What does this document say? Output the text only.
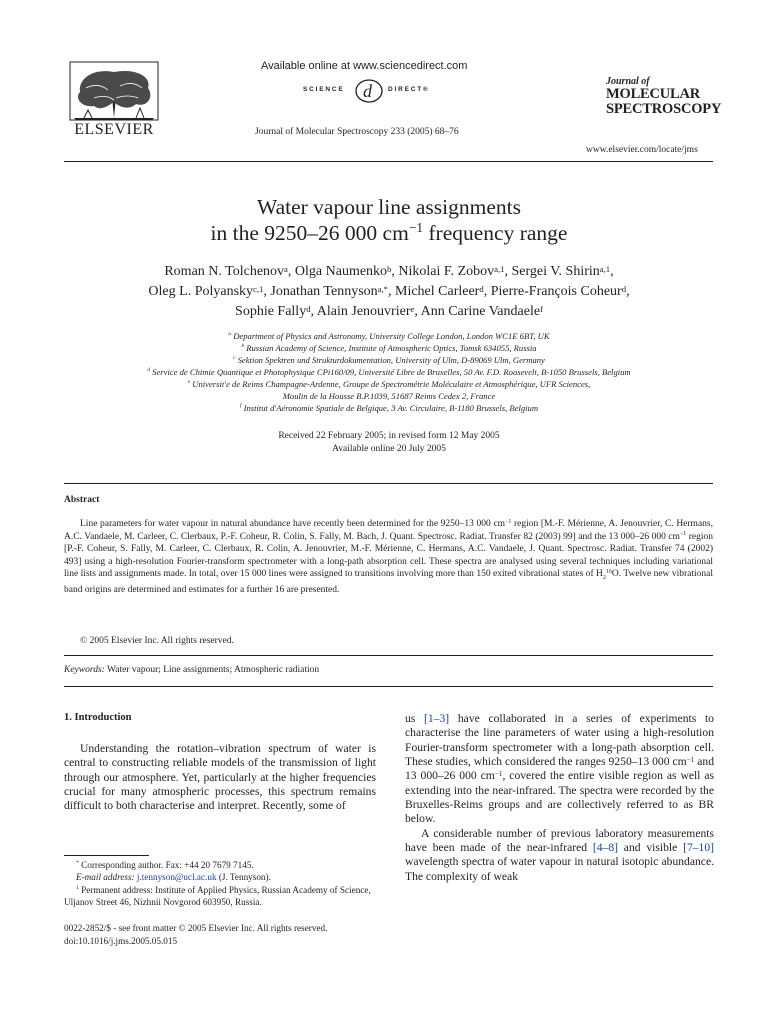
ELSEVIER
Available online at www.sciencedirect.com
SCIENCE d DIRECT®
Journal of Molecular Spectroscopy 233 (2005) 68–76
Journal of
MOLECULAR
SPECTROSCOPY
www.elsevier.com/locate/jms
Water vapour line assignments
in the 9250–26 000 $cm^{-1}$ frequency range
Roman N. Tolchenov$^a$, Olga Naumenko$^b$, Nikolai F. Zobov$^{a,1}$, Sergei V. Shirin$^{a,1}$,
Oleg L. Polyansky$^{c,1}$, Jonathan Tennyson$^{a,*}$, Michel Carleer$^d$, Pierre-François Coheur$^d$,
Sophie Fally$^d$, Alain Jenouvrier$^e$, Ann Carine Vandaele$^f$
$^a$ Department of Physics and Astronomy, University College London, London WC1E 6BT, UK
$^b$ Russian Academy of Science, Institute of Atmospheric Optics, Tomsk 634055, Russia
$^c$ Sektion Spektren und Strukturdokumentation, University of Ulm, D-89069 Ulm, Germany
$^d$ Service de Chimie Quantique et Photophysique CPi160/09, Université Libre de Bruxelles, 50 Av. F.D. Roosevelt, B-1050 Brussels, Belgium
$^e$ Universit'e de Reims Champagne-Ardenne, Groupe de Spectrométrie Moléculaire et Atmosphérique, UFR Sciences,
Moulin de la Housse B.P.1039, 51687 Reims Cedex 2, France
$^f$ Institut d'Aéronomie Spatiale de Belgique, 3 Av. Circulaire, B-1180 Brussels, Belgium
Received 22 February 2005; in revised form 12 May 2005
Available online 20 July 2005
Abstract
Line parameters for water vapour in natural abundance have recently been determined for the 9250–13 000 $cm^{-1}$ region [M.-F. Mérienne, A. Jenouvrier, C. Hermans, A.C. Vandaele, M. Carleer, C. Clerbaux, P.-F. Coheur, R. Colin, S. Fally, M. Bach, J. Quant. Spectrosc. Radiat. Transfer 82 (2003) 99] and the 13 000–26 000 $cm^{-1}$ region [P.-F. Coheur, S. Fally, M. Carleer, C. Clerbaux, R. Colin, A. Jenouvrier, M.-F. Mérienne, C. Hermans, A.C. Vandaele, J. Quant. Spectrosc. Radiat. Transfer 74 (2002) 493] using a high-resolution Fourier-transform spectrometer with a long-path absorption cell. These spectra are analysed using several techniques including variational line lists and assignments made. In total, over 15 000 lines were assigned to transitions involving more than 150 exited vibrational states of $H_2^{16}O$. Twelve new vibrational band origins are determined and estimates for a further 16 are presented.
© 2005 Elsevier Inc. All rights reserved.
Keywords: Water vapour; Line assignments; Atmospheric radiation
1. Introduction
Understanding the rotation–vibration spectrum of water is central to constructing reliable models of the transmission of light through our atmosphere. Yet, particularly at the higher frequencies crucial for many atmospheric processes, this spectrum remains difficult to both characterise and interpret. Recently, some of

us [1–3] have collaborated in a series of experiments to characterise the line parameters of water using a high-resolution Fourier-transform spectrometer with a long-path absorption cell. These studies, which considered the ranges 9250–13 000 $cm^{-1}$ and 13 000–26 000 $cm^{-1}$, covered the entire visible region as well as extending into the near-infrared. The spectra were recorded by the Bruxelles-Reims groups and are collectively referred to as BR below.

A considerable number of previous laboratory measurements have been made of the near-infrared [4–8] and visible [7–10] wavelength spectra of water vapour in natural isotopic abundance. The complexity of weak

* Corresponding author. Fax: +44 20 7679 7145.
E-mail address: j.tennyson@ucl.ac.uk (J. Tennyson).
$^1$ Permanent address: Institute of Applied Physics, Russian Academy of Science, Uljanov Street 46, Nizhnii Novgorod 603950, Russia.
0022-2852/$ - see front matter © 2005 Elsevier Inc. All rights reserved.
doi:10.1016/j.jms.2005.05.015
